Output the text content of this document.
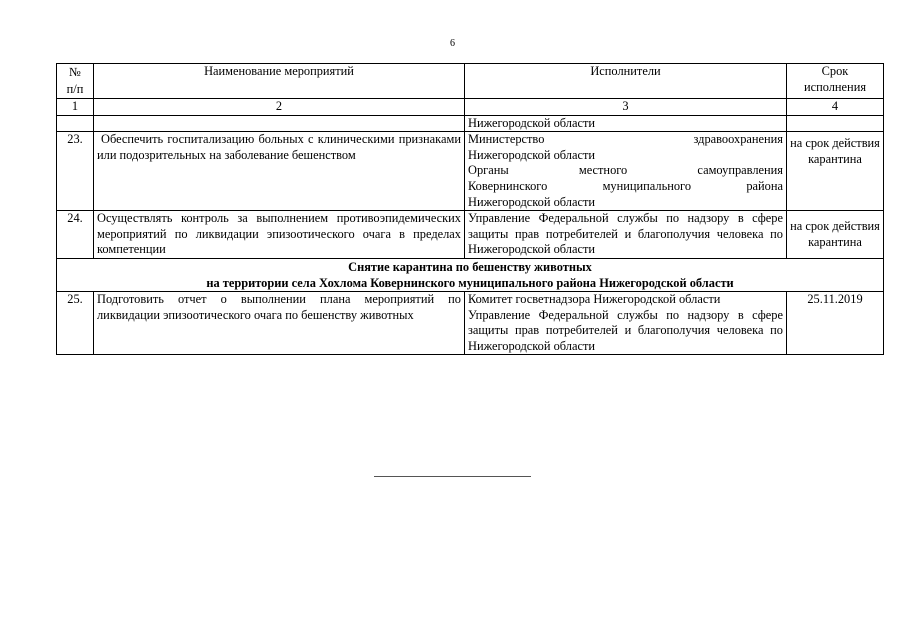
6
№
п/п	Наименование мероприятий	Исполнители	Срок
исполнения

1	2	3	4
		Нижегородской области	
23.	Обеспечить госпитализацию больных с клиническими признаками или подозрительных на заболевание бешенством	Министерство здравоохранения
Нижегородской области
Органы местного самоуправления
Ковернинского муниципального района
Нижегородской области	на срок действия карантина

24.	Осуществлять контроль за выполнением противоэпидемических мероприятий по ликвидации эпизоотического очага в пределах компетенции	Управление Федеральной службы по надзору в сфере защиты прав потребителей и благополучия человека по Нижегородской области	на срок действия карантина

Снятие карантина по бешенству животных
на территории села Хохлома Ковернинского муниципального района Нижегородской области			

25.	Подготовить отчет о выполнении плана мероприятий по ликвидации эпизоотического очага по бешенству животных	Комитет госветнадзора Нижегородской области
Управление Федеральной службы по надзору в сфере защиты прав потребителей и благополучия человека по Нижегородской области	25.11.2019
